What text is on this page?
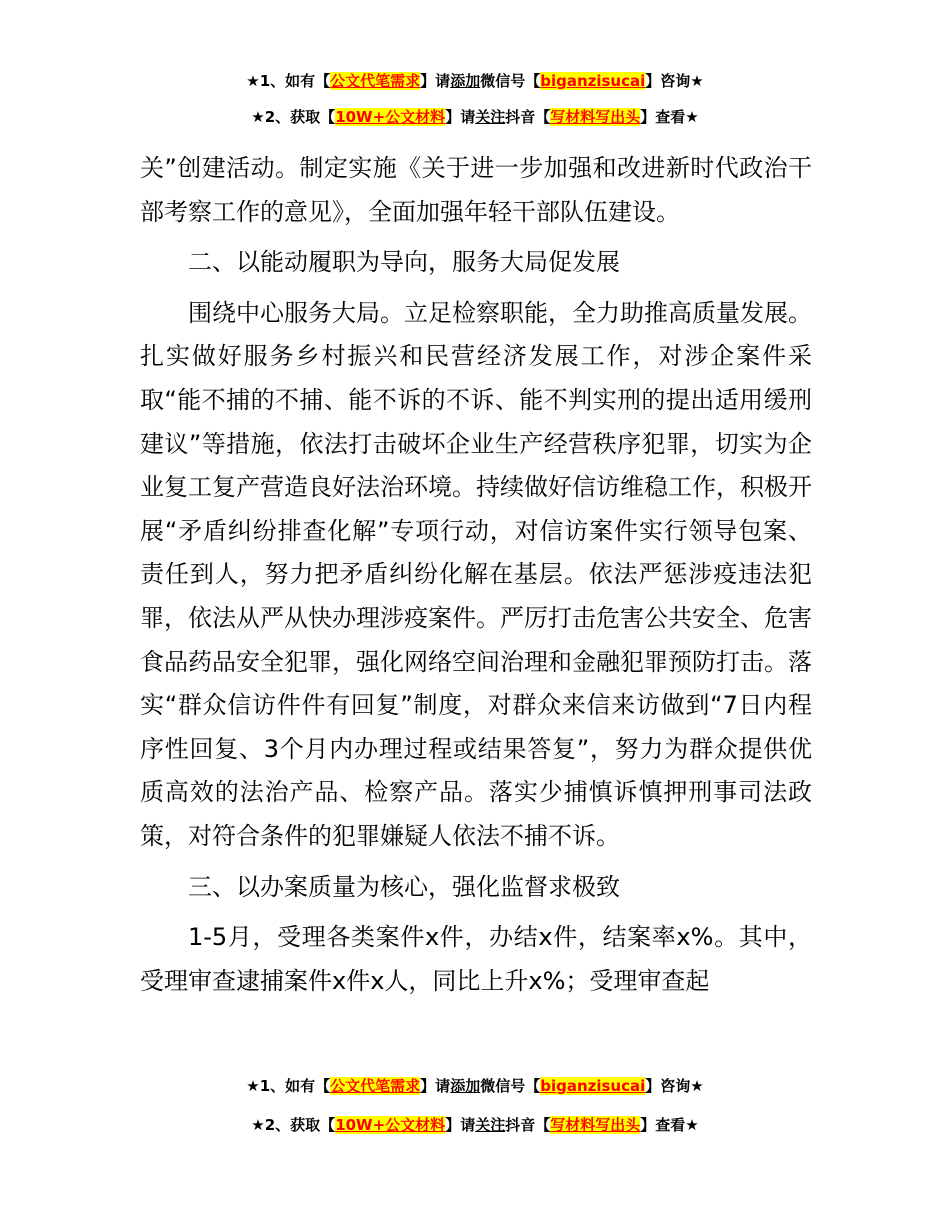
★1、如有【公文代笔需求】请添加微信号【biganzisucai】咨询★
★2、获取【10W+公文材料】请关注抖音【写材料写出头】查看★

关”创建活动。制定实施《关于进一步加强和改进新时代政治干部考察工作的意见》，全面加强年轻干部队伍建设。

二、以能动履职为导向，服务大局促发展

围绕中心服务大局。立足检察职能，全力助推高质量发展。扎实做好服务乡村振兴和民营经济发展工作，对涉企案件采取“能不捕的不捕、能不诉的不诉、能不判实刑的提出适用缓刑建议”等措施，依法打击破坏企业生产经营秩序犯罪，切实为企业复工复产营造良好法治环境。持续做好信访维稳工作，积极开展“矛盾纠纷排查化解”专项行动，对信访案件实行领导包案、责任到人，努力把矛盾纠纷化解在基层。依法严惩涉疫违法犯罪，依法从严从快办理涉疫案件。严厉打击危害公共安全、危害食品药品安全犯罪，强化网络空间治理和金融犯罪预防打击。落实“群众信访件件有回复”制度，对群众来信来访做到“7日内程序性回复、3个月内办理过程或结果答复”，努力为群众提供优质高效的法治产品、检察产品。落实少捕慎诉慎押刑事司法政策，对符合条件的犯罪嫌疑人依法不捕不诉。

三、以办案质量为核心，强化监督求极致

1-5月，受理各类案件x件，办结x件，结案率x%。其中，受理审查逮捕案件x件x人，同比上升x%；受理审查起

★1、如有【公文代笔需求】请添加微信号【biganzisucai】咨询★
★2、获取【10W+公文材料】请关注抖音【写材料写出头】查看★
